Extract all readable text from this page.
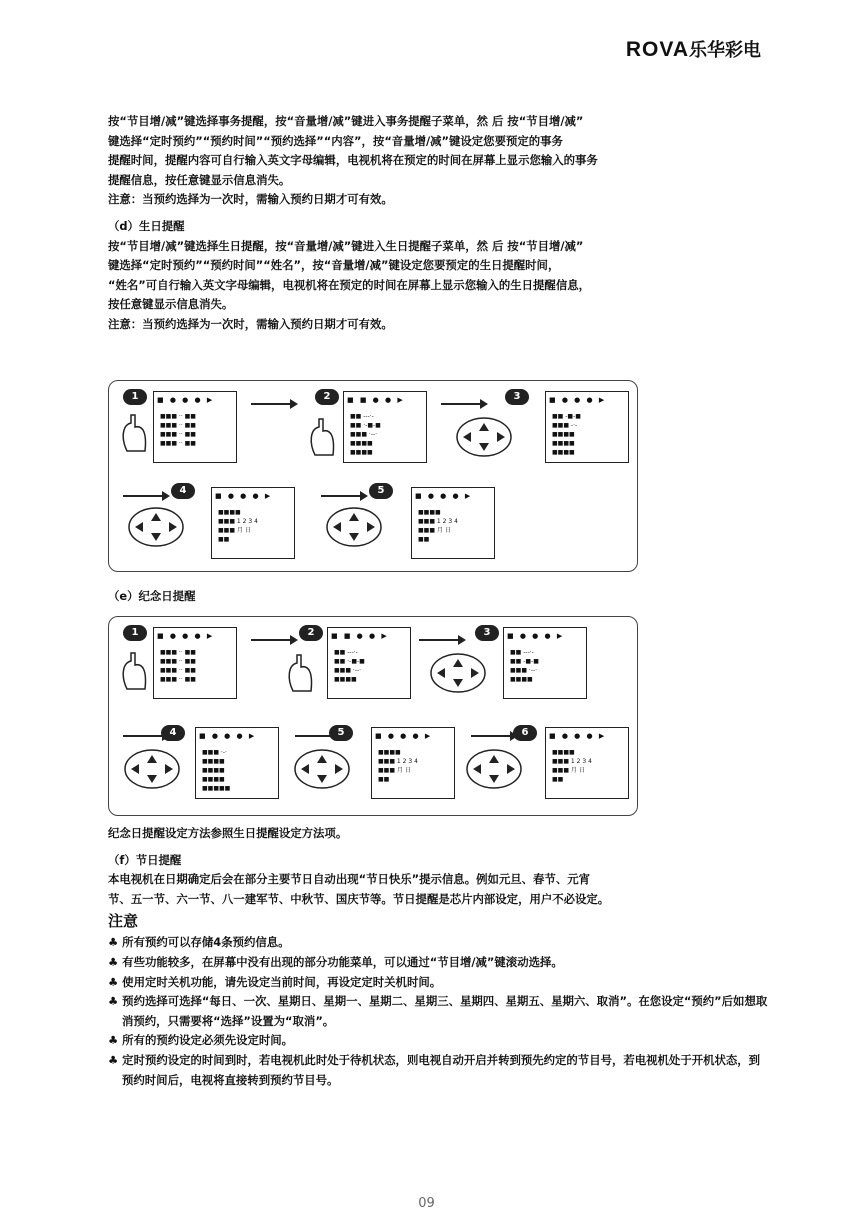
ROVA乐华彩电

按“节目增/减”键选择事务提醒，按“音量增/减”键进入事务提醒子菜单，然 后 按“节目增/减”

键选择“定时预约”“预约时间”“预约选择”“内容”，按“音量增/减”键设定您要预定的事务

提醒时间，提醒内容可自行输入英文字母编辑，电视机将在预定的时间在屏幕上显示您输入的事务

提醒信息，按任意键显示信息消失。

注意：当预约选择为一次时，需输入预约日期才可有效。

（d）生日提醒

按“节目增/减”键选择生日提醒，按“音量增/减”键进入生日提醒子菜单，然 后 按“节目增/减”

键选择“定时预约”“预约时间”“姓名”，按“音量增/减”键设定您要预定的生日提醒时间，

“姓名”可自行输入英文字母编辑，电视机将在预定的时间在屏幕上显示您输入的生日提醒信息，

按任意键显示信息消失。

注意：当预约选择为一次时，需输入预约日期才可有效。

1	■ ● ● ● ▶
■■■ ·· ■■
■■■ ·· ■■
■■■ ·· ■■
■■■ ·· ■■
2	■ ■ ● ● ▶
■■ ---·-
■■ ·-■-■
■■■ ·--·
■■■■
■■■■
3	■ ● ● ● ▶
■■ -■-■
■■■ -·-
■■■■
■■■■
■■■■
4	■ ● ● ● ▶
■■■■
■■■ 1 2 3 4
■■■ 月 日
■■
5	■ ● ● ● ▶
■■■■
■■■ 1 2 3 4
■■■ 月 日
■■

（e）纪念日提醒

1	■ ● ● ● ▶
■■■ ·· ■■
■■■ ·· ■■
■■■ ·· ■■
■■■ ·· ■■
2	■ ■ ● ● ▶
■■ ---·-
■■ ·-■-■
■■■ ·--·
■■■■
3	■ ● ● ● ▶
■■ ---·-
■■ -■-■
■■■ ·--·
■■■■
4	■ ● ● ● ▶
■■■ ·-·
■■■■
■■■■
■■■■
■■■■■
5	■ ● ● ● ▶
■■■■
■■■ 1 2 3 4
■■■ 月 日
■■
6	■ ● ● ● ▶
■■■■
■■■ 1 2 3 4
■■■ 月 日
■■

纪念日提醒设定方法参照生日提醒设定方法项。

（f）节日提醒

本电视机在日期确定后会在部分主要节日自动出现“节日快乐”提示信息。例如元旦、春节、元宵

节、五一节、六一节、八一建军节、中秋节、国庆节等。节日提醒是芯片内部设定，用户不必设定。

注意

♣ 所有预约可以存储4条预约信息。

♣ 有些功能较多，在屏幕中没有出现的部分功能菜单，可以通过“节目增/减”键滚动选择。

♣ 使用定时关机功能，请先设定当前时间，再设定定时关机时间。

♣ 预约选择可选择“每日、一次、星期日、星期一、星期二、星期三、星期四、星期五、星期六、取消”。在您设定“预约”后如想取消预约，只需要将“选择”设置为“取消”。

♣ 所有的预约设定必须先设定时间。

♣ 定时预约设定的时间到时，若电视机此时处于待机状态，则电视自动开启并转到预先约定的节目号，若电视机处于开机状态，到预约时间后，电视将直接转到预约节目号。

09
